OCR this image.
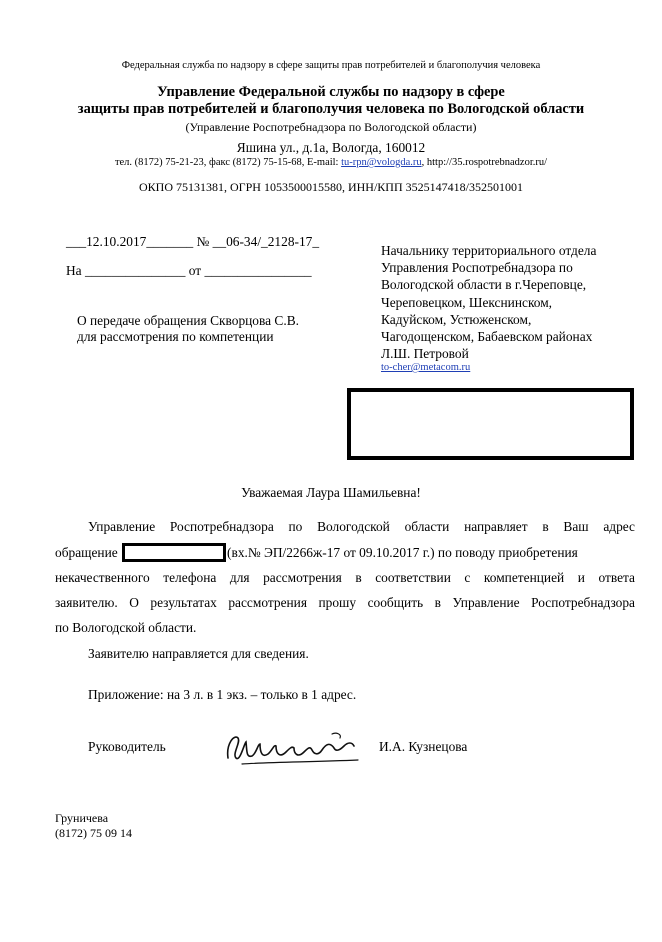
Федеральная служба по надзору в сфере защиты прав потребителей и благополучия человека
Управление Федеральной службы по надзору в сфере
защиты прав потребителей и благополучия человека по Вологодской области
(Управление Роспотребнадзора по Вологодской области)
Яшина ул., д.1а, Вологда, 160012
тел. (8172) 75-21-23, факс (8172) 75-15-68, E-mail: tu-rpn@vologda.ru, http://35.rospotrebnadzor.ru/
ОКПО 75131381, ОГРН 1053500015580, ИНН/КПП 3525147418/352501001
___12.10.2017_______ № __06-34/_2128-17_
На _______________ от ________________
О передаче обращения Скворцова С.В.
для рассмотрения по компетенции
Начальнику территориального отдела
Управления Роспотребнадзора по
Вологодской области в г.Череповце,
Череповецком, Шекснинском,
Кадуйском, Устюженском,
Чагодощенском, Бабаевском районах
Л.Ш. Петровой
to-cher@metacom.ru
Уважаемая Лаура Шамильевна!
Управление Роспотребнадзора по Вологодской области направляет в Ваш адрес
обращение	(вх.№ ЭП/2266ж-17 от 09.10.2017 г.) по поводу приобретения
некачественного телефона для рассмотрения в соответствии с компетенцией и ответа
заявителю. О результатах рассмотрения прошу сообщить в Управление Роспотребнадзора
по Вологодской области.
Заявителю направляется для сведения.
Приложение: на 3 л. в 1 экз. – только в 1 адрес.
Руководитель	И.А. Кузнецова
Груничева
(8172) 75 09 14
